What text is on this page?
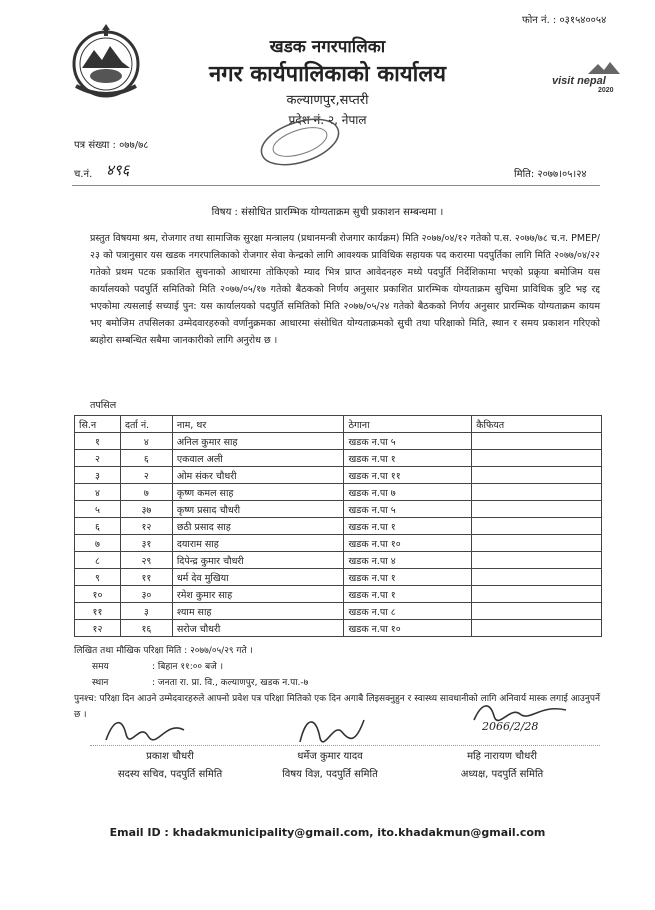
फोन नं. : ०३१५४००५४
खडक नगरपालिका
नगर कार्यपालिकाको कार्यालय
कल्याणपुर,सप्तरी
प्रदेश नं. २, नेपाल
visit nepal
2020
पत्र संख्या : ०७७/७८
च.नं. ४९६	मिति: २०७७।०५।२४
विषय : संसोधित प्रारम्भिक योग्यताक्रम सुची प्रकाशन सम्बन्धमा ।

प्रस्तुत विषयमा श्रम, रोजगार तथा सामाजिक सुरक्षा मन्त्रालय (प्रधानमन्त्री रोजगार कार्यक्रम) मिति २०७७/०४/१२ गतेको प.स. २०७७/७८ च.न. PMEP/२३ को पत्रानुसार यस खडक नगरपालिकाको रोजगार सेवा केन्द्रको लागि आवश्यक प्राविधिक सहायक पद करारमा पदपुर्तिका लागि मिति २०७७/०४/२२ गतेको प्रथम पटक प्रकाशित सुचनाको आधारमा तोकिएको म्याद भित्र प्राप्त आवेदनहरु मध्ये पदपुर्ति निर्देशिकामा भएको प्रक्रृया बमोजिम यस कार्यालयको पदपुर्ति समितिको मिति २०७७/०५/१७ गतेको बैठकको निर्णय अनुसार प्रकाशित प्रारम्भिक योग्यताक्रम सुचिमा प्राविधिक त्रुटि भइ रद्द भएकोमा त्यसलाई सच्याई पुन: यस कार्यालयको पदपुर्ति समितिको मिति २०७७/०५/२४ गतेको बैठकको निर्णय अनुसार प्रारम्भिक योग्यताक्रम कायम भए बमोजिम तपसिलका उम्मेदवारहरुको वर्णानुक्रमका आधारमा संसोधित योग्यताक्रमको सुची तथा परिक्षाको मिति, स्थान र समय प्रकाशन गरिएको ब्यहोरा सम्बन्धित सबैमा जानकारीको लागि अनुरोध छ ।

तपसिल
सि.न	दर्ता नं.	नाम, थर	ठेगाना	कैफियत
१	४	अनिल कुमार साह	खडक न.पा ५	
२	६	एकवाल अली	खडक न.पा १	
३	२	ओम संकर चौधरी	खडक न.पा ११	
४	७	कृष्ण कमल साह	खडक न.पा ७	
५	३७	कृष्ण प्रसाद चौधरी	खडक न.पा ५	
६	१२	छठी प्रसाद साह	खडक न.पा १	
७	३१	दयाराम साह	खडक न.पा १०	
८	२९	दिपेन्द्र कुमार चौधरी	खडक न.पा ४	
९	११	धर्म देव मुखिया	खडक न.पा १	
१०	३०	रमेश कुमार साह	खडक न.पा १	
११	३	श्याम साह	खडक न.पा ८	
१२	१६	सरोज चौधरी	खडक न.पा १०	
लिखित तथा मौखिक परिक्षा मिति : २०७७/०५/२९ गते ।
समय	: बिहान ११:०० बजे ।
स्थान	: जनता रा. प्रा. वि., कल्याणपुर, खडक न.पा.-७

पुनश्च: परिक्षा दिन आउने उम्मेदवारहरुले आफ्नो प्रवेश पत्र परिक्षा मितिको एक दिन अगाबै लिइसक्नुहुन र स्वास्थ्य सावधानीको लागि अनिवार्य मास्क लगाई आउनुपर्ने छ ।

2066/2/28
प्रकाश चौधरी
सदस्य सचिव, पदपुर्ति समिति
धर्मेज कुमार यादव
विषय विज्ञ, पदपुर्ति समिति
महि नारायण चौधरी
अध्यक्ष, पदपुर्ति समिति
Email ID : khadakmunicipality@gmail.com, ito.khadakmun@gmail.com
